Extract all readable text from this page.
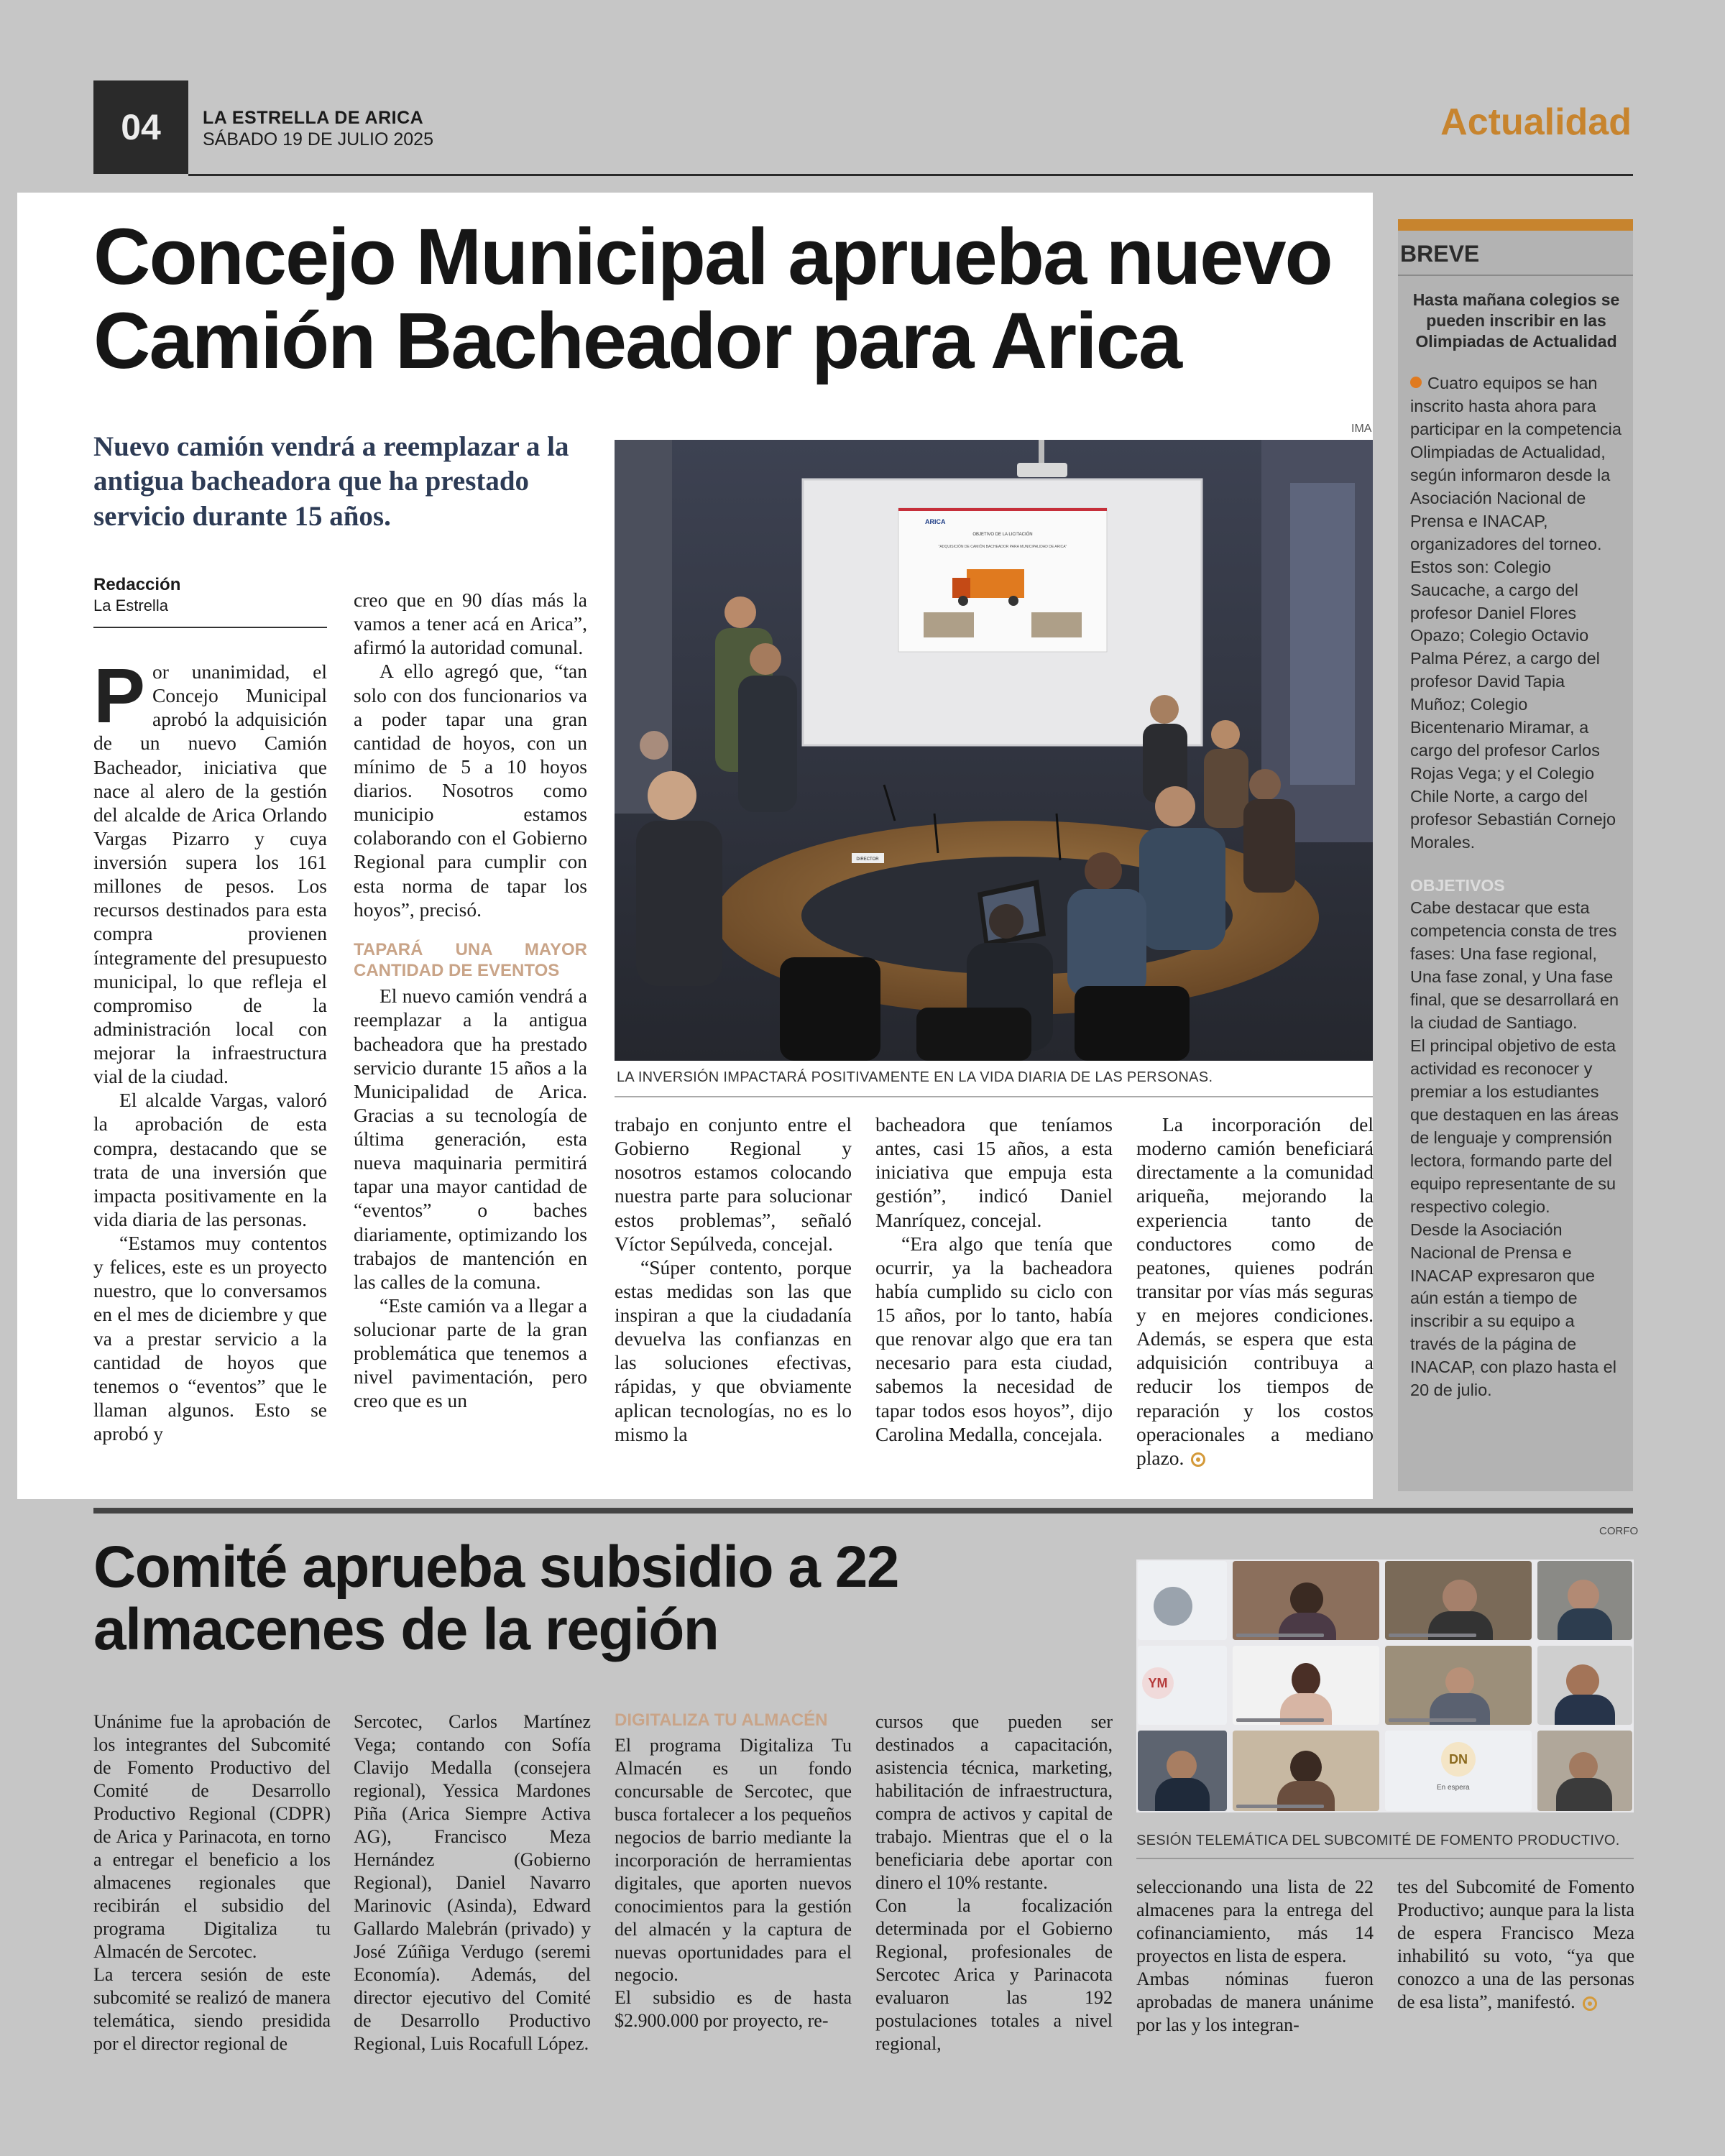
04	LA ESTRELLA DE ARICA
SÁBADO 19 DE JULIO 2025	Actualidad
Concejo Municipal aprueba nuevo Camión Bacheador para Arica
Nuevo camión vendrá a reemplazar a la antigua bacheadora que ha prestado servicio durante 15 años.
Redacción
La Estrella

Por unanimidad, el Concejo Municipal aprobó la adquisición de un nuevo Camión Bacheador, iniciativa que nace al alero de la gestión del alcalde de Arica Orlando Vargas Pizarro y cuya inversión supera los 161 millones de pesos. Los recursos destinados para esta compra provienen íntegramente del presupuesto municipal, lo que refleja el compromiso de la administración local con mejorar la infraestructura vial de la ciudad.

El alcalde Vargas, valoró la aprobación de esta compra, destacando que se trata de una inversión que impacta positivamente en la vida diaria de las personas.

“Estamos muy contentos y felices, este es un proyecto nuestro, que lo conversamos en el mes de diciembre y que va a prestar servicio a la cantidad de hoyos que tenemos o “eventos” que le llaman algunos. Esto se aprobó y

creo que en 90 días más la vamos a tener acá en Arica”, afirmó la autoridad comunal.

A ello agregó que, “tan solo con dos funcionarios va a poder tapar una gran cantidad de hoyos, con un mínimo de 5 a 10 hoyos diarios. Nosotros como municipio estamos colaborando con el Gobierno Regional para cumplir con esta norma de tapar los hoyos”, precisó.

TAPARÁ UNA MAYOR CANTIDAD DE EVENTOS

El nuevo camión vendrá a reemplazar a la antigua bacheadora que ha prestado servicio durante 15 años a la Municipalidad de Arica. Gracias a su tecnología de última generación, esta nueva maquinaria permitirá tapar una mayor cantidad de “eventos” o baches diariamente, optimizando los trabajos de mantención en las calles de la comuna.

“Este camión va a llegar a solucionar parte de la gran problemática que tenemos a nivel pavimentación, pero creo que es un

trabajo en conjunto entre el Gobierno Regional y nosotros estamos colocando nuestra parte para solucionar estos problemas”, señaló Víctor Sepúlveda, concejal.

“Súper contento, porque estas medidas son las que inspiran a que la ciudadanía devuelva las confianzas en las soluciones efectivas, rápidas, y que obviamente aplican tecnologías, no es lo mismo la

bacheadora que teníamos antes, casi 15 años, a esta iniciativa que empuja esta gestión”, indicó Daniel Manríquez, concejal.

“Era algo que tenía que ocurrir, ya la bacheadora había cumplido su ciclo con 15 años, por lo tanto, había que renovar algo que era tan necesario para esta ciudad, sabemos la necesidad de tapar todos esos hoyos”, dijo Carolina Medalla, concejala.

La incorporación del moderno camión beneficiará directamente a la comunidad ariqueña, mejorando la experiencia tanto de conductores como de peatones, quienes podrán transitar por vías más seguras y en mejores condiciones. Además, se espera que esta adquisición contribuya a reducir los tiempos de reparación y los costos operacionales a mediano plazo.

IMA
ARICA
OBJETIVO DE LA LICITACIÓN
"ADQUISICIÓN DE CAMIÓN BACHEADOR PARA MUNICIPALIDAD DE ARICA"
DIRECTOR
LA INVERSIÓN IMPACTARÁ POSITIVAMENTE EN LA VIDA DIARIA DE LAS PERSONAS.
BREVE
Hasta mañana colegios se pueden inscribir en las Olimpiadas de Actualidad

Cuatro equipos se han inscrito hasta ahora para participar en la competencia Olimpiadas de Actualidad, según informaron desde la Asociación Nacional de Prensa e INACAP, organizadores del torneo. Estos son: Colegio Saucache, a cargo del profesor Daniel Flores Opazo; Colegio Octavio Palma Pérez, a cargo del profesor David Tapia Muñoz; Colegio Bicentenario Miramar, a cargo del profesor Carlos Rojas Vega; y el Colegio Chile Norte, a cargo del profesor Sebastián Cornejo Morales.

OBJETIVOS

Cabe destacar que esta competencia consta de tres fases: Una fase regional, Una fase zonal, y Una fase final, que se desarrollará en la ciudad de Santiago.

El principal objetivo de esta actividad es reconocer y premiar a los estudiantes que destaquen en las áreas de lenguaje y comprensión lectora, formando parte del equipo representante de su respectivo colegio.

Desde la Asociación Nacional de Prensa e INACAP expresaron que aún están a tiempo de inscribir a su equipo a través de la página de INACAP, con plazo hasta el 20 de julio.

Comité aprueba subsidio a 22 almacenes de la región

Unánime fue la aprobación de los integrantes del Subcomité de Fomento Productivo del Comité de Desarrollo Productivo Regional (CDPR) de Arica y Parinacota, en torno a entregar el beneficio a los almacenes regionales que recibirán el subsidio del programa Digitaliza tu Almacén de Sercotec.

La tercera sesión de este subcomité se realizó de manera telemática, siendo presidida por el director regional de

Sercotec, Carlos Martínez Vega; contando con Sofía Clavijo Medalla (consejera regional), Yessica Mardones Piña (Arica Siempre Activa AG), Francisco Meza Hernández (Gobierno Regional), Daniel Navarro Marinovic (Asinda), Edward Gallardo Malebrán (privado) y José Zúñiga Verdugo (seremi Economía). Además, del director ejecutivo del Comité de Desarrollo Productivo Regional, Luis Rocafull López.

DIGITALIZA TU ALMACÉN

El programa Digitaliza Tu Almacén es un fondo concursable de Sercotec, que busca fortalecer a los pequeños negocios de barrio mediante la incorporación de herramientas digitales, que aporten nuevos conocimientos para la gestión del almacén y la captura de nuevas oportunidades para el negocio.

El subsidio es de hasta $2.900.000 por proyecto, re-

cursos que pueden ser destinados a capacitación, asistencia técnica, marketing, habilitación de infraestructura, compra de activos y capital de trabajo. Mientras que el o la beneficiaria debe aportar con dinero el 10% restante.

Con la focalización determinada por el Gobierno Regional, profesionales de Sercotec Arica y Parinacota evaluaron las 192 postulaciones totales a nivel regional,

seleccionando una lista de 22 almacenes para la entrega del cofinanciamiento, más 14 proyectos en lista de espera.

Ambas nóminas fueron aprobadas de manera unánime por las y los integran-

tes del Subcomité de Fomento Productivo; aunque para la lista de espera Francisco Meza inhabilitó su voto, “ya que conozco a una de las personas de esa lista”, manifestó.

CORFO
YM
DN
En espera
SESIÓN TELEMÁTICA DEL SUBCOMITÉ DE FOMENTO PRODUCTIVO.
